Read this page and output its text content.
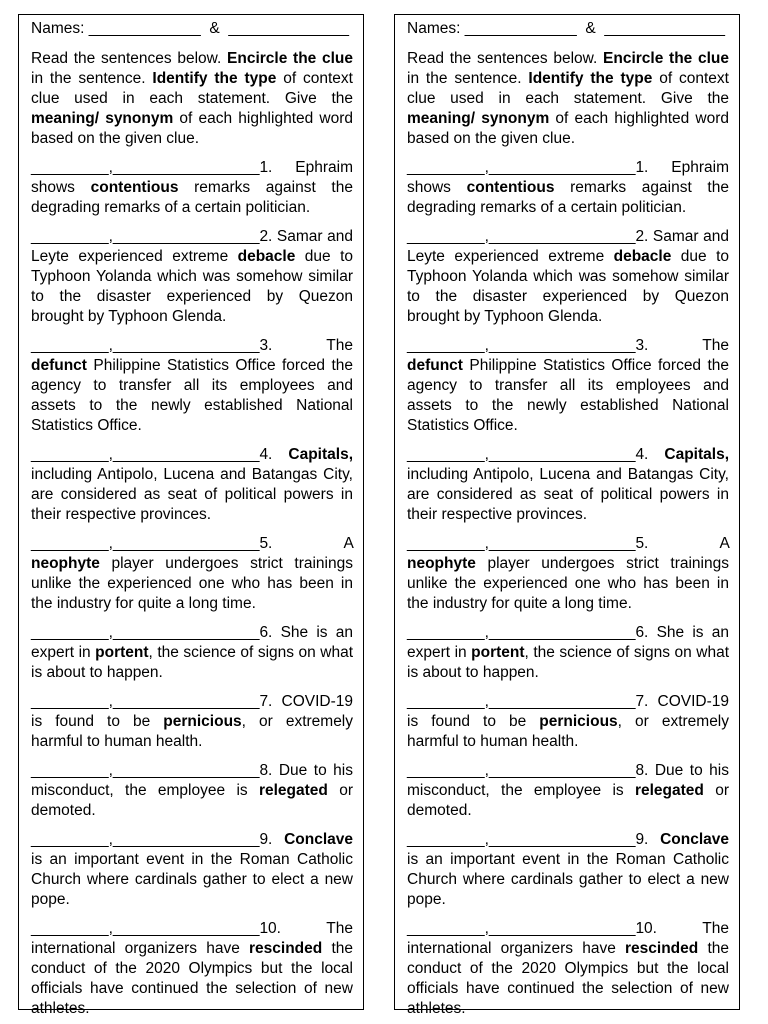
Names: _____________  &  ______________
Read the sentences below. Encircle the clue in the sentence. Identify the type of context clue used in each statement. Give the meaning/ synonym of each highlighted word based on the given clue.
_________,_________________1. Ephraim shows contentious remarks against the degrading remarks of a certain politician.
_________,_________________2. Samar and Leyte experienced extreme debacle due to Typhoon Yolanda which was somehow similar to the disaster experienced by Quezon brought by Typhoon Glenda.
_________,_________________3. The defunct Philippine Statistics Office forced the agency to transfer all its employees and assets to the newly established National Statistics Office.
_________,_________________4. Capitals, including Antipolo, Lucena and Batangas City, are considered as seat of political powers in their respective provinces.
_________,_________________5. A neophyte player undergoes strict trainings unlike the experienced one who has been in the industry for quite a long time.
_________,_________________6. She is an expert in portent, the science of signs on what is about to happen.
_________,_________________7. COVID-19 is found to be pernicious, or extremely harmful to human health.
_________,_________________8. Due to his misconduct, the employee is relegated or demoted.
_________,_________________9. Conclave is an important event in the Roman Catholic Church where cardinals gather to elect a new pope.
_________,_________________10. The international organizers have rescinded the conduct of the 2020 Olympics but the local officials have continued the selection of new athletes.
Names: _____________  &  ______________
Read the sentences below. Encircle the clue in the sentence. Identify the type of context clue used in each statement. Give the meaning/ synonym of each highlighted word based on the given clue.
_________,_________________1. Ephraim shows contentious remarks against the degrading remarks of a certain politician.
_________,_________________2. Samar and Leyte experienced extreme debacle due to Typhoon Yolanda which was somehow similar to the disaster experienced by Quezon brought by Typhoon Glenda.
_________,_________________3. The defunct Philippine Statistics Office forced the agency to transfer all its employees and assets to the newly established National Statistics Office.
_________,_________________4. Capitals, including Antipolo, Lucena and Batangas City, are considered as seat of political powers in their respective provinces.
_________,_________________5. A neophyte player undergoes strict trainings unlike the experienced one who has been in the industry for quite a long time.
_________,_________________6. She is an expert in portent, the science of signs on what is about to happen.
_________,_________________7. COVID-19 is found to be pernicious, or extremely harmful to human health.
_________,_________________8. Due to his misconduct, the employee is relegated or demoted.
_________,_________________9. Conclave is an important event in the Roman Catholic Church where cardinals gather to elect a new pope.
_________,_________________10. The international organizers have rescinded the conduct of the 2020 Olympics but the local officials have continued the selection of new athletes.
